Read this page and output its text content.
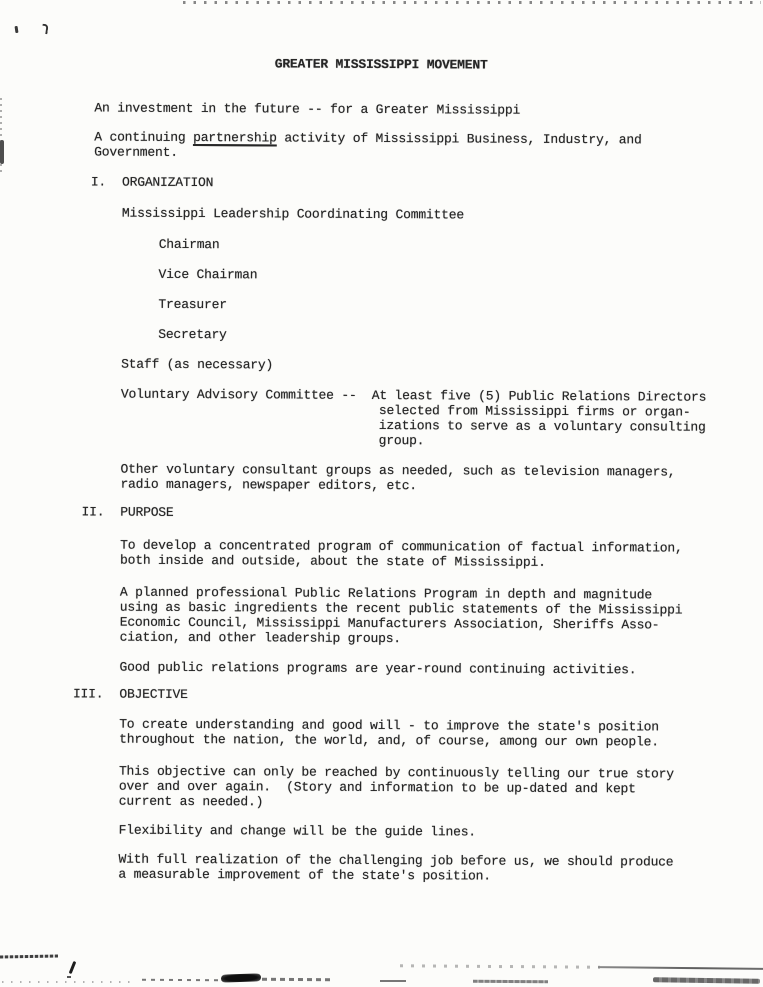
GREATER MISSISSIPPI MOVEMENT
An investment in the future -- for a Greater Mississippi
A continuing partnership activity of Mississippi Business, Industry, and
Government.
I. ORGANIZATION
Mississippi Leadership Coordinating Committee
Chairman
Vice Chairman
Treasurer
Secretary
Staff (as necessary)
Voluntary Advisory Committee --  At least five (5) Public Relations Directors
selected from Mississippi firms or organ-
izations to serve as a voluntary consulting
group.
Other voluntary consultant groups as needed, such as television managers,
radio managers, newspaper editors, etc.
II. PURPOSE
To develop a concentrated program of communication of factual information,
both inside and outside, about the state of Mississippi.
A planned professional Public Relations Program in depth and magnitude
using as basic ingredients the recent public statements of the Mississippi
Economic Council, Mississippi Manufacturers Association, Sheriffs Asso-
ciation, and other leadership groups.
Good public relations programs are year-round continuing activities.
III. OBJECTIVE
To create understanding and good will - to improve the state's position
throughout the nation, the world, and, of course, among our own people.
This objective can only be reached by continuously telling our true story
over and over again.  (Story and information to be up-dated and kept
current as needed.)
Flexibility and change will be the guide lines.
With full realization of the challenging job before us, we should produce
a measurable improvement of the state's position.
